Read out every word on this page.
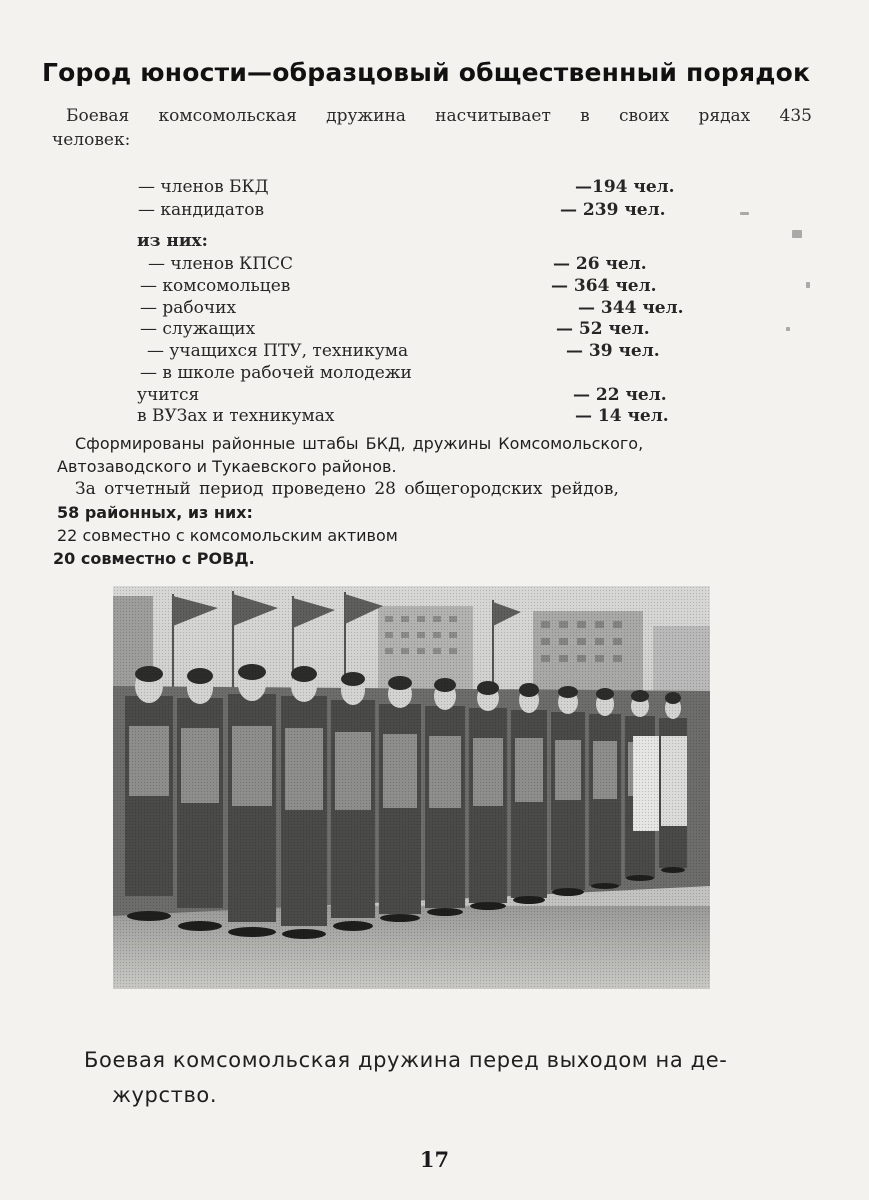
Город юности—образцовый общественный порядок
Боевая комсомольская дружина насчитывает в своих рядах 435
человек:
— членов БКД	—194 чел.
— кандидатов	— 239 чел.
из них:
— членов КПСС	— 26 чел.
— комсомольцев	— 364 чел.
— рабочих	— 344 чел.
— служащих	— 52 чел.
— учащихся ПТУ, техникума	— 39 чел.
— в школе рабочей молодежи
учится	— 22 чел.
в ВУЗах и техникумах	— 14 чел.
Сформированы районные штабы БКД, дружины Комсомольского,
Автозаводского и Тукаевского районов.
За отчетный период проведено 28 общегородских рейдов,
58 районных, из них:
22 совместно с комсомольским активом
20 совместно с РОВД.
Боевая комсомольская дружина перед выходом на де-
журство.
17
